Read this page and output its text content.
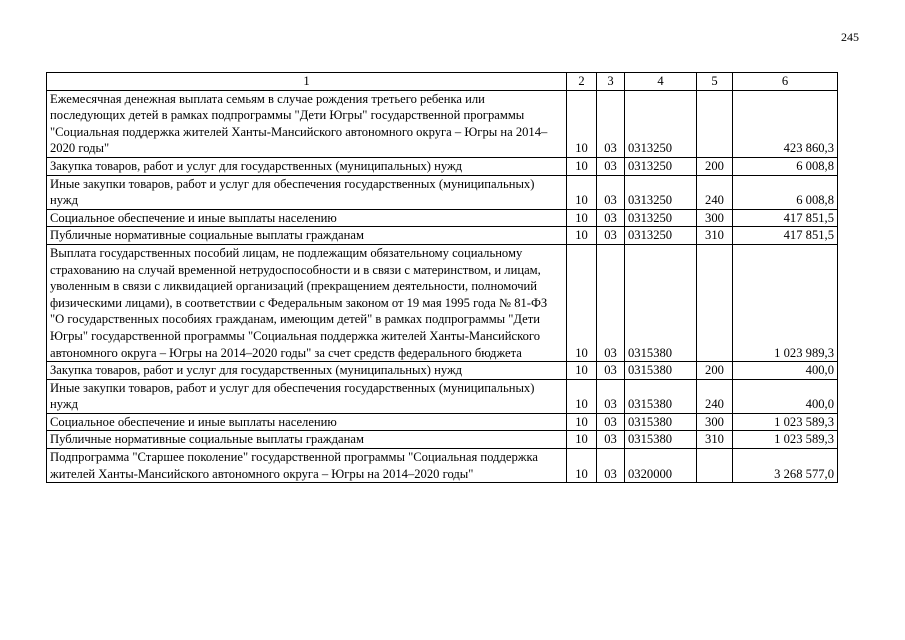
245
1	2	3	4	5	6
Ежемесячная денежная выплата семьям в случае рождения третьего ребенка или последующих детей в рамках подпрограммы "Дети Югры" государственной программы "Социальная поддержка жителей Ханты-Мансийского автономного округа – Югры на 2014–2020 годы"	10	03	0313250		423 860,3
Закупка товаров, работ и услуг для государственных (муниципальных) нужд	10	03	0313250	200	6 008,8
Иные закупки товаров, работ и услуг для обеспечения государственных (муниципальных) нужд	10	03	0313250	240	6 008,8
Социальное обеспечение и иные выплаты населению	10	03	0313250	300	417 851,5
Публичные нормативные социальные выплаты гражданам	10	03	0313250	310	417 851,5
Выплата государственных пособий лицам, не подлежащим обязательному социальному страхованию на случай временной нетрудоспособности и в связи с материнством, и лицам, уволенным в связи с ликвидацией организаций (прекращением деятельности, полномочий физическими лицами), в соответствии с Федеральным законом от 19 мая 1995 года № 81-ФЗ "О государственных пособиях гражданам, имеющим детей" в рамках подпрограммы "Дети Югры" государственной программы "Социальная поддержка жителей Ханты-Мансийского автономного округа – Югры на 2014–2020 годы" за счет средств федерального бюджета	10	03	0315380		1 023 989,3
Закупка товаров, работ и услуг для государственных (муниципальных) нужд	10	03	0315380	200	400,0
Иные закупки товаров, работ и услуг для обеспечения государственных (муниципальных) нужд	10	03	0315380	240	400,0
Социальное обеспечение и иные выплаты населению	10	03	0315380	300	1 023 589,3
Публичные нормативные социальные выплаты гражданам	10	03	0315380	310	1 023 589,3
Подпрограмма "Старшее поколение" государственной программы "Социальная поддержка жителей Ханты-Мансийского автономного округа – Югры на 2014–2020 годы"	10	03	0320000		3 268 577,0
